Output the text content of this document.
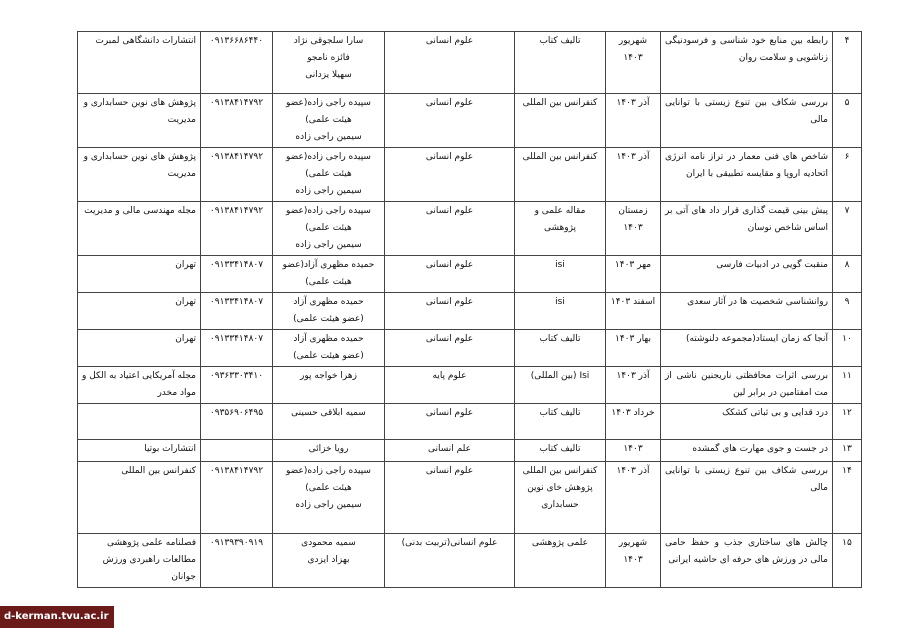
۴	رابطه بین منابع خود شناسی و فرسودنیگی زناشویی و سلامت روان	شهریور ۱۴۰۳	تالیف کتاب	علوم انسانی	سارا سلجوقی نژاد
فائزه نامجو
سهیلا یزدانی	۰۹۱۳۶۶۸۶۴۴۰	انتشارات دانشگاهی لمبرت
۵	بررسی شکاف بین تنوع زیستی با توانایی مالی	آذر ۱۴۰۳	کنفرانس بین المللی	علوم انسانی	سپیده راجی زاده(عضو
هیئت علمی)
سیمین راجی زاده	۰۹۱۳۸۴۱۴۷۹۲	پژوهش های نوین حسابداری و مدیریت
۶	شاخص های فنی معمار در تراز نامه انرژی اتحادیه اروپا و مقایسه تطبیقی با ایران	آذر ۱۴۰۳	کنفرانس بین المللی	علوم انسانی	سپیده راجی زاده(عضو
هیئت علمی)
سیمین راجی زاده	۰۹۱۳۸۴۱۴۷۹۲	پژوهش های نوین حسابداری و مدیریت
۷	پیش بینی قیمت گذاری قرار داد های آتی بر اساس شاخص نوسان	زمستان ۱۴۰۳	مقاله علمی و پژوهشی	علوم انسانی	سپیده راجی زاده(عضو
هیئت علمی)
سیمین راجی زاده	۰۹۱۳۸۴۱۴۷۹۲	مجله مهندسی مالی و مدیریت
۸	منقبت گویی در ادبیات فارسی	مهر ۱۴۰۳	isi	علوم انسانی	حمیده مظهری آزاد(عضو
هیئت علمی)	۰۹۱۳۳۴۱۴۸۰۷	تهران
۹	روانشناسی شخصیت ها در آثار سعدی	اسفند ۱۴۰۳	isi	علوم انسانی	حمیده مظهری آزاد
(عضو هیئت علمی)	۰۹۱۳۳۴۱۴۸۰۷	تهران
۱۰	آنجا که زمان ایستاد(مجموعه دلنوشته)	بهار ۱۴۰۳	تالیف کتاب	علوم انسانی	حمیده مظهری آزاد
(عضو هیئت علمی)	۰۹۱۳۳۴۱۴۸۰۷	تهران
۱۱	بررسی اثرات محافظتی ناریجنین ناشی از مت امفتامین در برابر لین	آذر ۱۴۰۳	Isi (بین المللی)	علوم پایه	زهرا خواجه پور	۰۹۳۶۳۳۰۳۴۱۰	مجله آمریکایی اعتیاد به الکل و مواد مخدر
۱۲	درد قدایی و بی ثباتی کشکک	خرداد ۱۴۰۳	تالیف کتاب	علوم انسانی	سمیه ابلاقی حسینی	۰۹۳۵۶۹۰۶۴۹۵	
۱۳	در جست و جوی مهارت های گمشده	۱۴۰۳	تالیف کتاب	علم انسانی	رویا خزائی		انتشارات بوتیا
۱۴	بررسی شکاف بین تنوع زیستی با توانایی مالی	آذر ۱۴۰۳	کنفرانس بین المللی پژوهش خای نوین حسابداری	علوم انسانی	سپیده راجی زاده(عضو
هیئت علمی)
سیمین راجی زاده	۰۹۱۳۸۴۱۴۷۹۲	کنفرانس بین المللی
۱۵	چالش های ساختاری جذب و حفظ حامی مالی در ورزش های حرفه ای حاشیه ایرانی	شهریور ۱۴۰۳	علمی پژوهشی	علوم انسانی(تربیت بدنی)	سمیه محمودی
بهزاد ایزدی	۰۹۱۳۹۳۹۰۹۱۹	فصلنامه علمی پژوهشی مطالعات راهبردی ورزش جوانان
d-kerman.tvu.ac.ir
